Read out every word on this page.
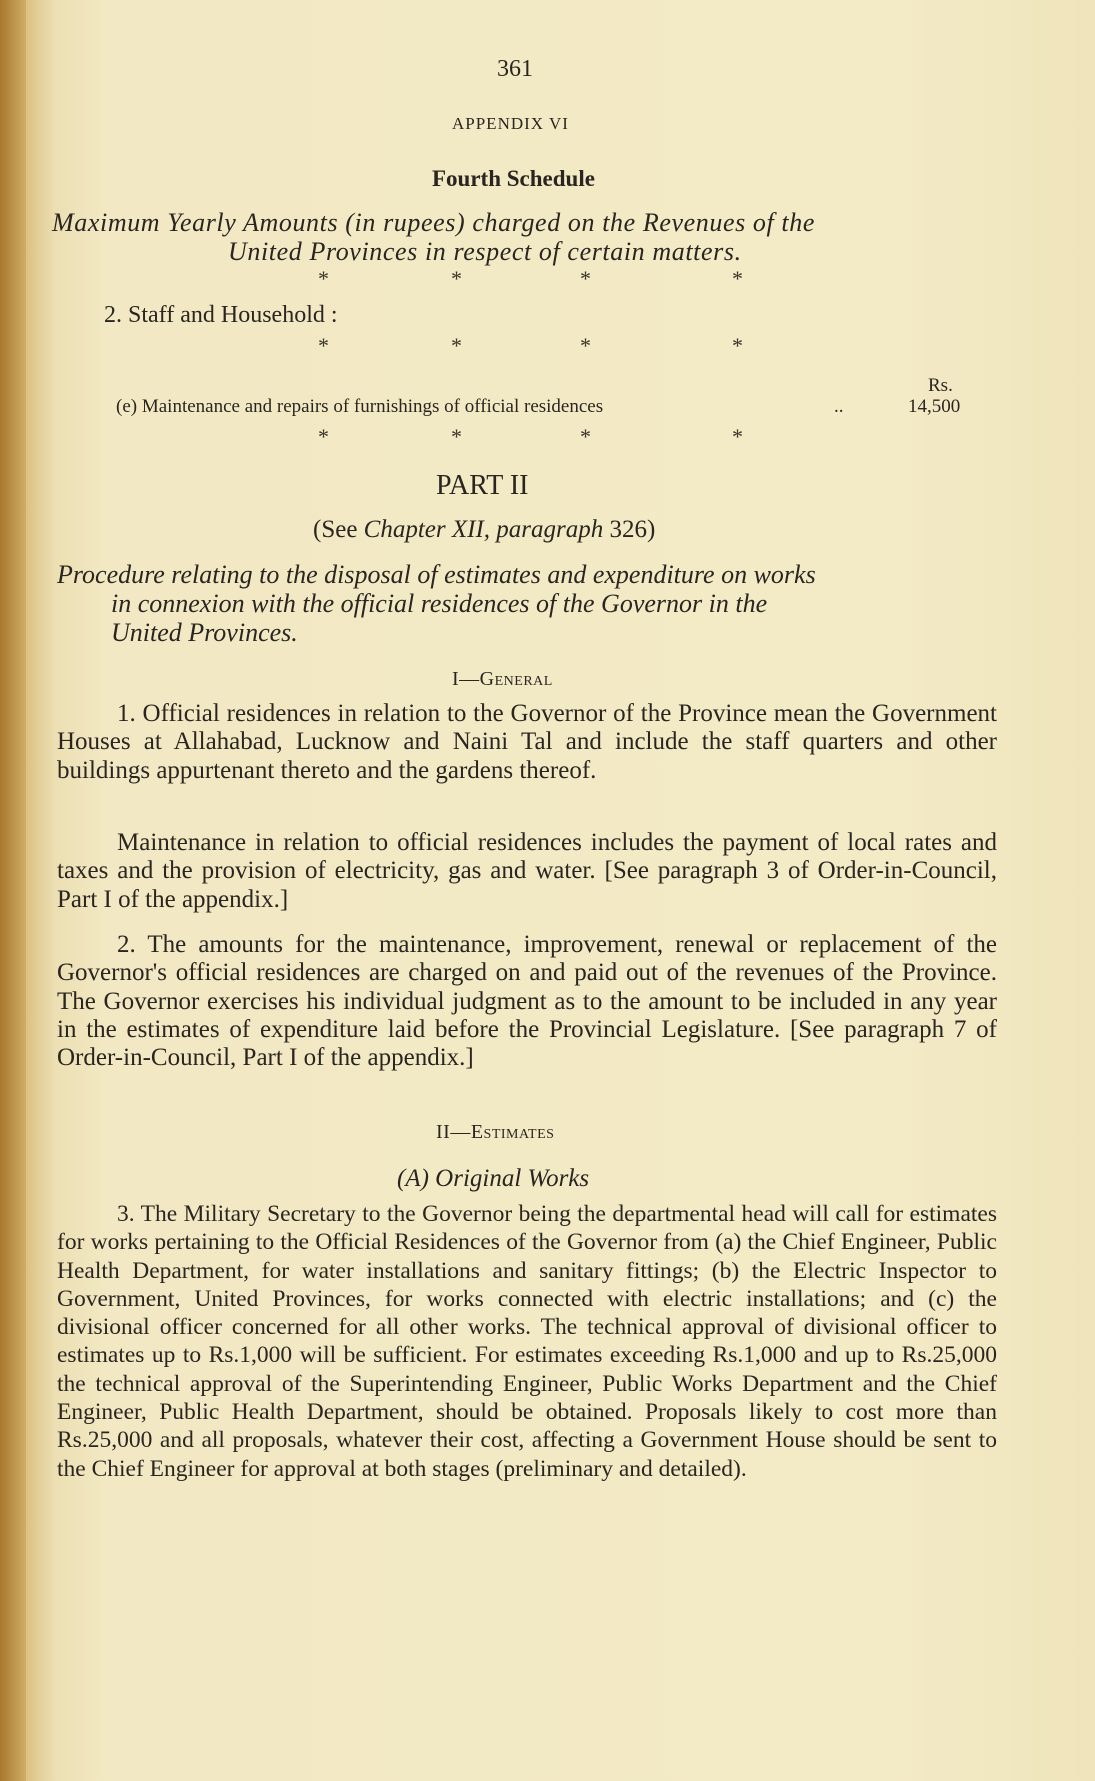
361
APPENDIX VI
Fourth Schedule
Maximum Yearly Amounts (in rupees) charged on the Revenues of the
United Provinces in respect of certain matters.
*	*	*	*
2. Staff and Household :
*	*	*	*
Rs.
(e) Maintenance and repairs of furnishings of official residences	..	14,500
*	*	*	*
PART II
(See Chapter XII, paragraph 326)
Procedure relating to the disposal of estimates and expenditure on works
in connexion with the official residences of the Governor in the
United Provinces.
I—General
1. Official residences in relation to the Governor of the Province mean the Government Houses at Allahabad, Lucknow and Naini Tal and include the staff quarters and other buildings appurtenant thereto and the gardens thereof.
Maintenance in relation to official residences includes the payment of local rates and taxes and the provision of electricity, gas and water. [See paragraph 3 of Order-in-Council, Part I of the appendix.]
2. The amounts for the maintenance, improvement, renewal or replacement of the Governor's official residences are charged on and paid out of the revenues of the Province. The Governor exercises his individual judgment as to the amount to be included in any year in the estimates of expenditure laid before the Provincial Legislature. [See paragraph 7 of Order-in-Council, Part I of the appendix.]
II—Estimates
(A) Original Works
3. The Military Secretary to the Governor being the departmental head will call for estimates for works pertaining to the Official Residences of the Governor from (a) the Chief Engineer, Public Health Department, for water installations and sanitary fittings; (b) the Electric Inspector to Government, United Provinces, for works connected with electric installations; and (c) the divisional officer concerned for all other works. The technical approval of divisional officer to estimates up to Rs.1,000 will be sufficient. For estimates exceeding Rs.1,000 and up to Rs.25,000 the technical approval of the Superintending Engineer, Public Works Department and the Chief Engineer, Public Health Department, should be obtained. Proposals likely to cost more than Rs.25,000 and all proposals, whatever their cost, affecting a Government House should be sent to the Chief Engineer for approval at both stages (preliminary and detailed).
